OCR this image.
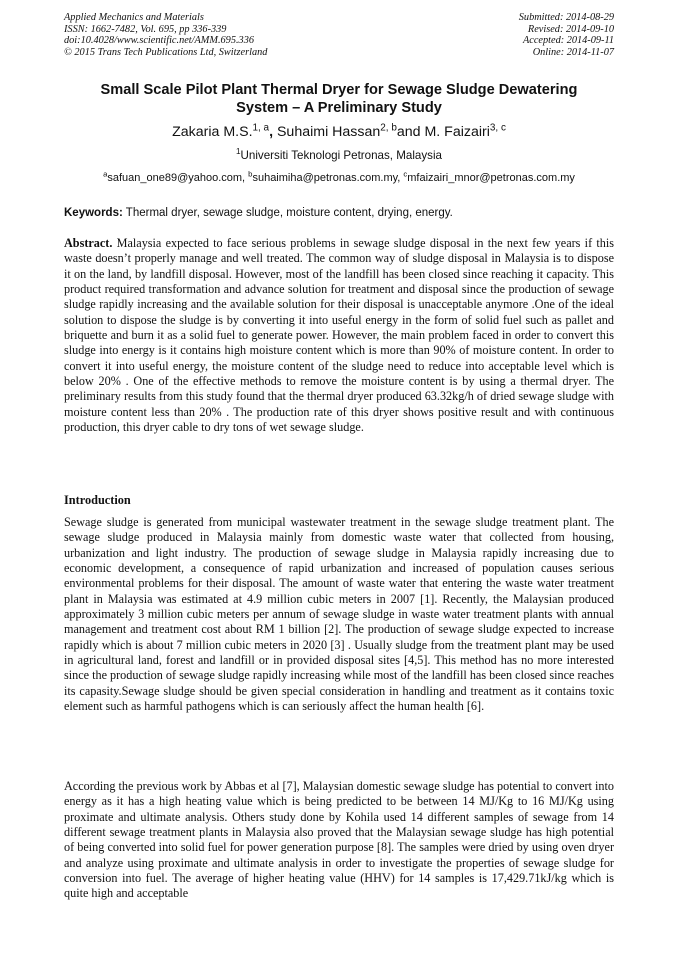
Applied Mechanics and Materials
ISSN: 1662-7482, Vol. 695, pp 336-339
doi:10.4028/www.scientific.net/AMM.695.336
© 2015 Trans Tech Publications Ltd, Switzerland
Submitted: 2014-08-29
Revised: 2014-09-10
Accepted: 2014-09-11
Online: 2014-11-07
Small Scale Pilot Plant Thermal Dryer for Sewage Sludge Dewatering
System – A Preliminary Study
Zakaria M.S.$^{1, a}$, Suhaimi Hassan$^{2, b}$and M. Faizairi$^{3, c}$
$^1$Universiti Teknologi Petronas, Malaysia
$^a$safuan_one89@yahoo.com, $^b$suhaimiha@petronas.com.my, $^c$mfaizairi_mnor@petronas.com.my
Keywords: Thermal dryer, sewage sludge, moisture content, drying, energy.
Abstract. Malaysia expected to face serious problems in sewage sludge disposal in the next few years if this waste doesn’t properly manage and well treated. The common way of sludge disposal in Malaysia is to dispose it on the land, by landfill disposal. However, most of the landfill has been closed since reaching it capacity. This product required transformation and advance solution for treatment and disposal since the production of sewage sludge rapidly increasing and the available solution for their disposal is unacceptable anymore .One of the ideal solution to dispose the sludge is by converting it into useful energy in the form of solid fuel such as pallet and briquette and burn it as a solid fuel to generate power. However, the main problem faced in order to convert this sludge into energy is it contains high moisture content which is more than 90% of moisture content. In order to convert it into useful energy, the moisture content of the sludge need to reduce into acceptable level which is below 20% . One of the effective methods to remove the moisture content is by using a thermal dryer. The preliminary results from this study found that the thermal dryer produced 63.32kg/h of dried sewage sludge with moisture content less than 20% . The production rate of this dryer shows positive result and with continuous production, this dryer cable to dry tons of wet sewage sludge.
Introduction
Sewage sludge is generated from municipal wastewater treatment in the sewage sludge treatment plant. The sewage sludge produced in Malaysia mainly from domestic waste water that collected from housing, urbanization and light industry. The production of sewage sludge in Malaysia rapidly increasing due to economic development, a consequence of rapid urbanization and increased of population causes serious environmental problems for their disposal. The amount of waste water that entering the waste water treatment plant in Malaysia was estimated at 4.9 million cubic meters in 2007 [1]. Recently, the Malaysian produced approximately 3 million cubic meters per annum of sewage sludge in waste water treatment plants with annual management and treatment cost about RM 1 billion [2]. The production of sewage sludge expected to increase rapidly which is about 7 million cubic meters in 2020 [3] . Usually sludge from the treatment plant may be used in agricultural land, forest and landfill or in provided disposal sites [4,5]. This method has no more interested since the production of sewage sludge rapidly increasing while most of the landfill has been closed since reaches its capasity.Sewage sludge should be given special consideration in handling and treatment as it contains toxic element such as harmful pathogens which is can seriously affect the human health [6].
According the previous work by Abbas et al [7], Malaysian domestic sewage sludge has potential to convert into energy as it has a high heating value which is being predicted to be between 14 MJ/Kg to 16 MJ/Kg using proximate and ultimate analysis. Others study done by Kohila used 14 different samples of sewage from 14 different sewage treatment plants in Malaysia also proved that the Malaysian sewage sludge has high potential of being converted into solid fuel for power generation purpose [8]. The samples were dried by using oven dryer and analyze using proximate and ultimate analysis in order to investigate the properties of sewage sludge for conversion into fuel. The average of higher heating value (HHV) for 14 samples is 17,429.71kJ/kg which is quite high and acceptable
